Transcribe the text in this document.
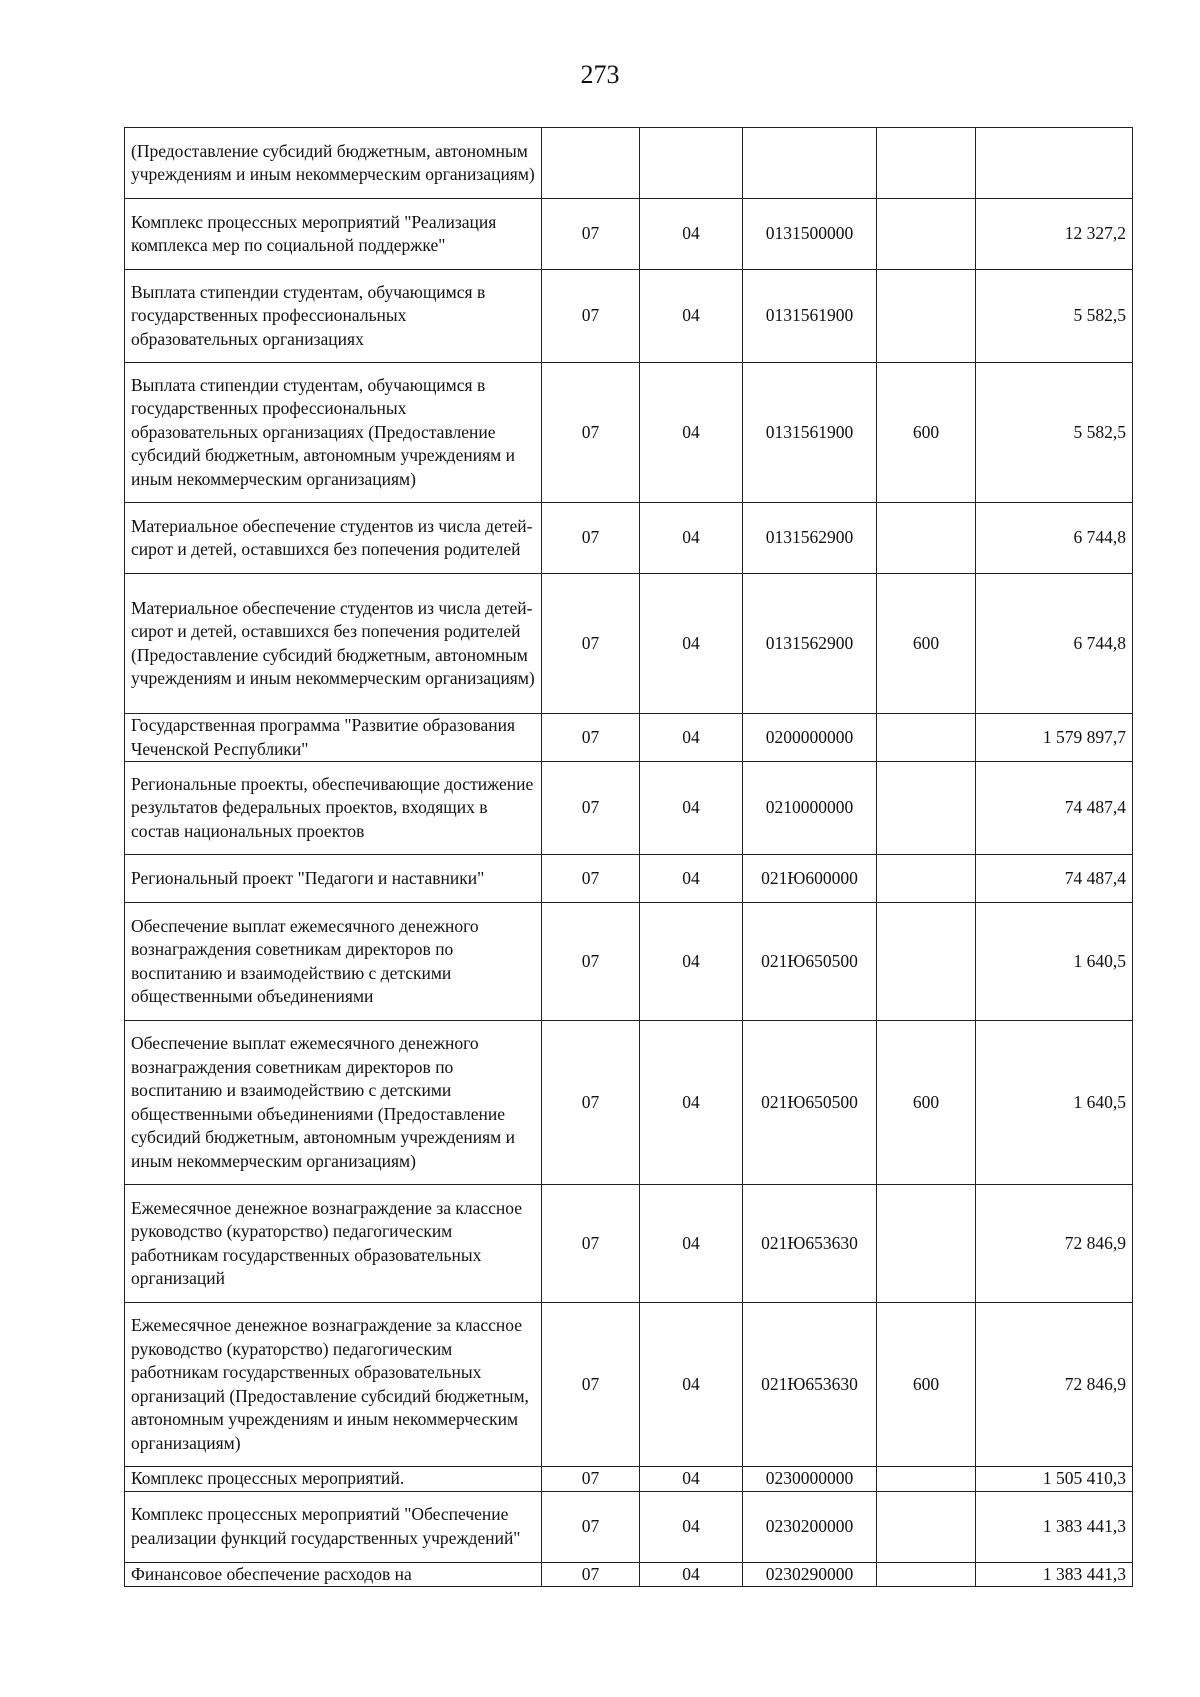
273
(Предоставление субсидий бюджетным, автономным учреждениям и иным некоммерческим организациям)					
Комплекс процессных мероприятий "Реализация комплекса мер по социальной поддержке"	07	04	0131500000		12 327,2
Выплата стипендии студентам, обучающимся в государственных профессиональных образовательных организациях	07	04	0131561900		5 582,5
Выплата стипендии студентам, обучающимся в государственных профессиональных образовательных организациях (Предоставление субсидий бюджетным, автономным учреждениям и иным некоммерческим организациям)	07	04	0131561900	600	5 582,5
Материальное обеспечение студентов из числа детей-сирот и детей, оставшихся без попечения родителей	07	04	0131562900		6 744,8
Материальное обеспечение студентов из числа детей-сирот и детей, оставшихся без попечения родителей (Предоставление субсидий бюджетным, автономным учреждениям и иным некоммерческим организациям)	07	04	0131562900	600	6 744,8
Государственная программа "Развитие образования Чеченской Республики"	07	04	0200000000		1 579 897,7
Региональные проекты, обеспечивающие достижение результатов федеральных проектов, входящих в состав национальных проектов	07	04	0210000000		74 487,4
Региональный проект "Педагоги и наставники"	07	04	021Ю600000		74 487,4
Обеспечение выплат ежемесячного денежного вознаграждения советникам директоров по воспитанию и взаимодействию с детскими общественными объединениями	07	04	021Ю650500		1 640,5
Обеспечение выплат ежемесячного денежного вознаграждения советникам директоров по воспитанию и взаимодействию с детскими общественными объединениями (Предоставление субсидий бюджетным, автономным учреждениям и иным некоммерческим организациям)	07	04	021Ю650500	600	1 640,5
Ежемесячное денежное вознаграждение за классное руководство (кураторство) педагогическим работникам государственных образовательных организаций	07	04	021Ю653630		72 846,9
Ежемесячное денежное вознаграждение за классное руководство (кураторство) педагогическим работникам государственных образовательных организаций (Предоставление субсидий бюджетным, автономным учреждениям и иным некоммерческим организациям)	07	04	021Ю653630	600	72 846,9
Комплекс процессных мероприятий.	07	04	0230000000		1 505 410,3
Комплекс процессных мероприятий "Обеспечение реализации функций государственных учреждений"	07	04	0230200000		1 383 441,3
Финансовое обеспечение расходов на	07	04	0230290000		1 383 441,3
